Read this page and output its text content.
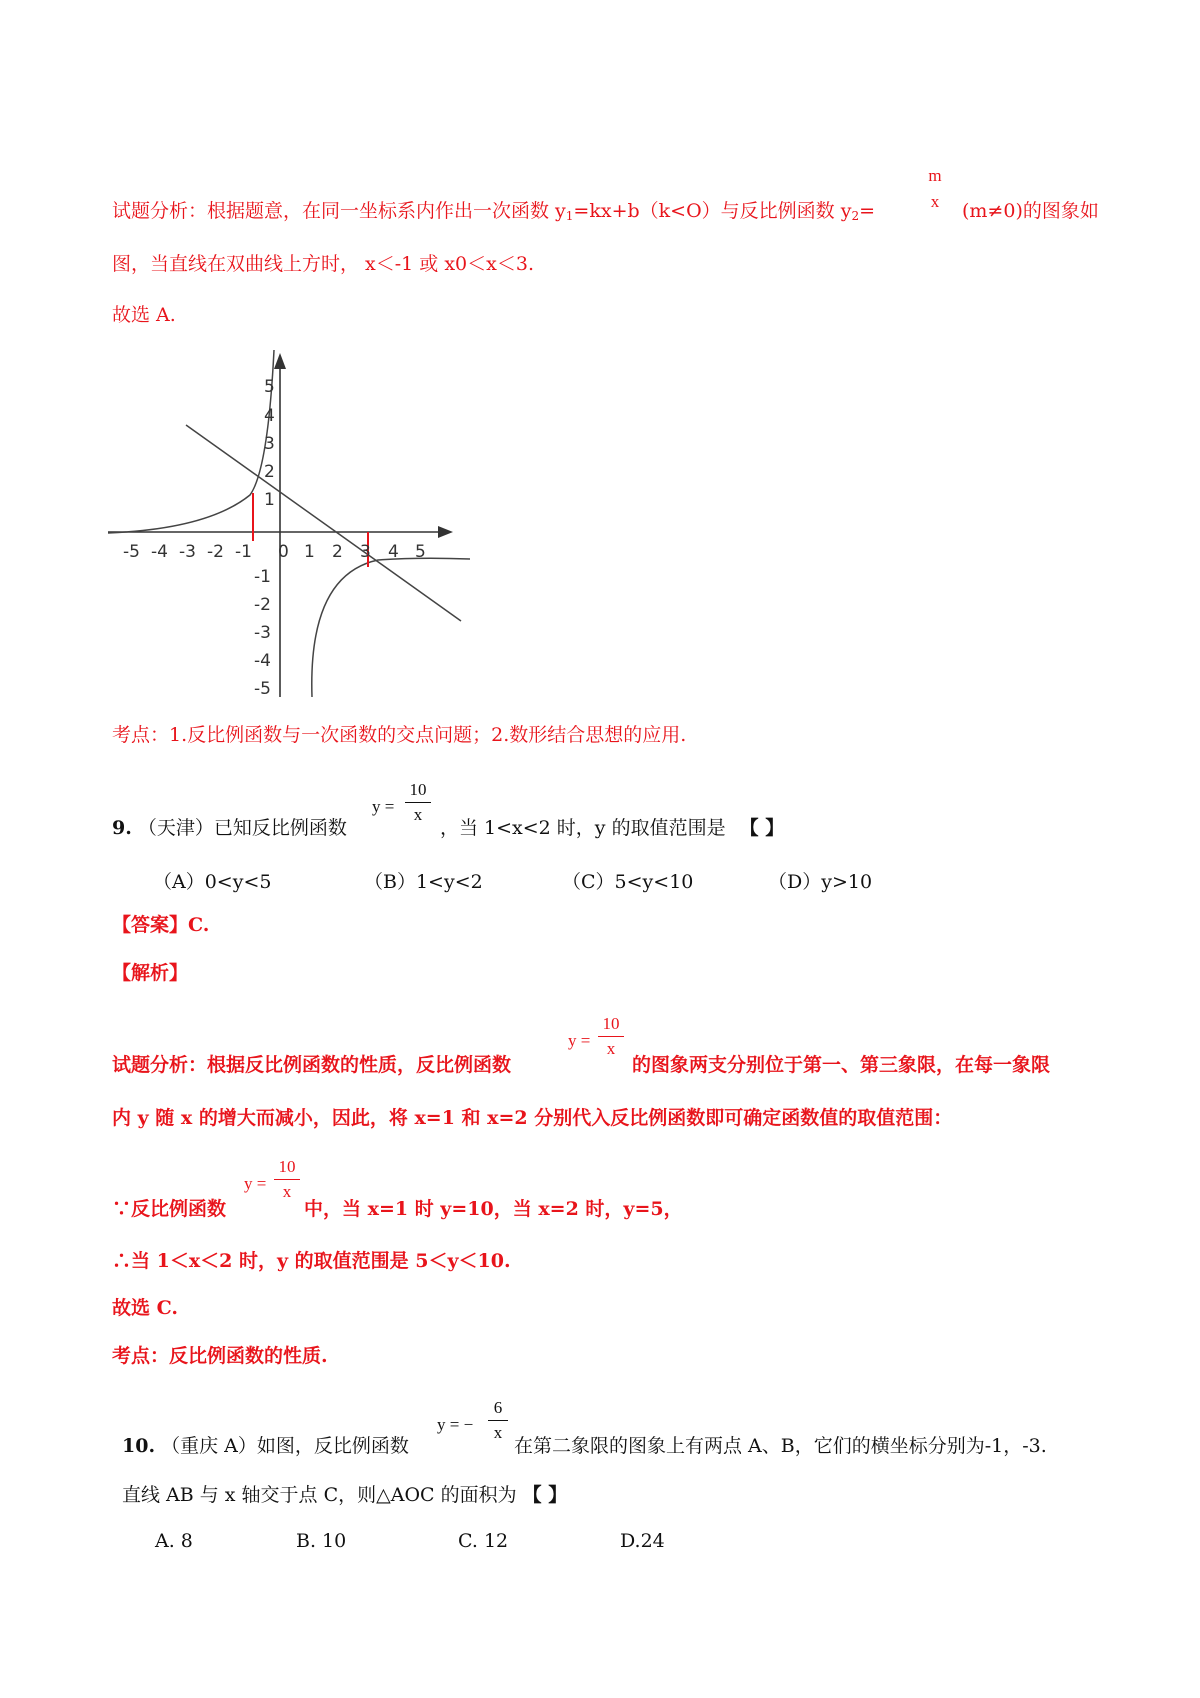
试题分析：根据题意，在同一坐标系内作出一次函数 $y_1=kx+b(k<O)$与反比例函数 $y_2=$
m
x	(m≠0)的图象如
图，当直线在双曲线上方时， x＜-1 或 x0＜x＜3.
故选 A.
-5 -4 -3 -2 -1 0 1 2 3 4 5
5
4
3
2
1
-1
-2
-3
-4
-5
考点：1.反比例函数与一次函数的交点问题；2.数形结合思想的应用.
y =
10
x
9. （天津）已知反比例函数	，当 1<x<2 时，y 的取值范围是 【 】
（A）0<y<5	（B）1<y<2	（C）5<y<10	（D）y>10
【答案】C.
【解析】
y =
10
x
试题分析：根据反比例函数的性质，反比例函数	的图象两支分别位于第一、第三象限，在每一象限
内 y 随 x 的增大而减小，因此，将 x=1 和 x=2 分别代入反比例函数即可确定函数值的取值范围：
y =
10
x
∵反比例函数	中，当 x=1 时 y=10，当 x=2 时，y=5，
∴当 1＜x＜2 时，y 的取值范围是 5＜y＜10.
故选 C.
考点：反比例函数的性质.
y = −
6
x
10. （重庆 A）如图，反比例函数	在第二象限的图象上有两点 A、B，它们的横坐标分别为-1，-3.
直线 AB 与 x 轴交于点 C，则△AOC 的面积为 【 】
A. 8	B. 10	C. 12	D.24
